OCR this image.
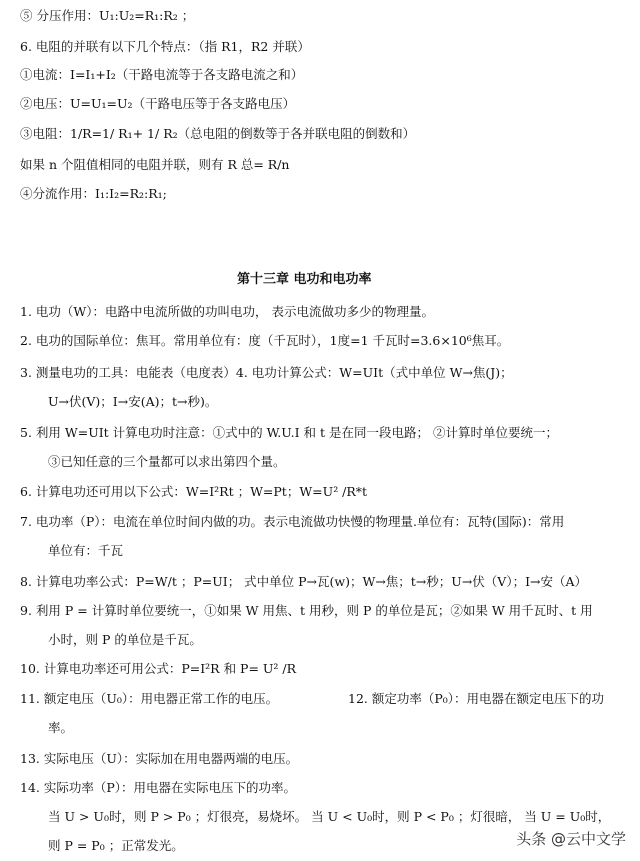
⑤ 分压作用：U₁:U₂=R₁:R₂ ；
6. 电阻的并联有以下几个特点：（指 R1，R2 并联）
①电流：I=I₁+I₂（干路电流等于各支路电流之和）
②电压：U=U₁=U₂（干路电压等于各支路电压）
③电阻：1/R=1/ R₁+ 1/ R₂（总电阻的倒数等于各并联电阻的倒数和）
如果 n 个阻值相同的电阻并联，则有 R 总= R/n
④分流作用：I₁:I₂=R₂:R₁;
第十三章 电功和电功率
1. 电功（W）：电路中电流所做的功叫电功， 表示电流做功多少的物理量。
2. 电功的国际单位：焦耳。常用单位有：度（千瓦时），1度=1 千瓦时=3.6×10⁶焦耳。
3. 测量电功的工具：电能表（电度表）4. 电功计算公式：W=UIt（式中单位 W→焦(J)；
U→伏(V)；I→安(A)；t→秒)。
5. 利用 W=UIt 计算电功时注意：①式中的 W.U.I 和 t 是在同一段电路； ②计算时单位要统一；
③已知任意的三个量都可以求出第四个量。
6. 计算电功还可用以下公式：W=I²Rt ；W=Pt；W=U² /R*t
7. 电功率（P）：电流在单位时间内做的功。表示电流做功快慢的物理量.单位有：瓦特(国际)：常用
单位有：千瓦
8. 计算电功率公式：P=W/t ；P=UI； 式中单位 P→瓦(w)；W→焦；t→秒；U→伏（V）；I→安（A）
9. 利用 P = 计算时单位要统一，①如果 W 用焦、t 用秒，则 P 的单位是瓦；②如果 W 用千瓦时、t 用
小时，则 P 的单位是千瓦。
10. 计算电功率还可用公式：P=I²R 和 P= U² /R
11. 额定电压（U₀）：用电器正常工作的电压。	12. 额定功率（P₀）：用电器在额定电压下的功
率。
13. 实际电压（U）：实际加在用电器两端的电压。
14. 实际功率（P）：用电器在实际电压下的功率。
当 U > U₀时，则 P > P₀ ；灯很亮，易烧坏。 当 U < U₀时，则 P < P₀ ；灯很暗， 当 U = U₀时，
则 P = P₀ ；正常发光。	头条 @云中文学
